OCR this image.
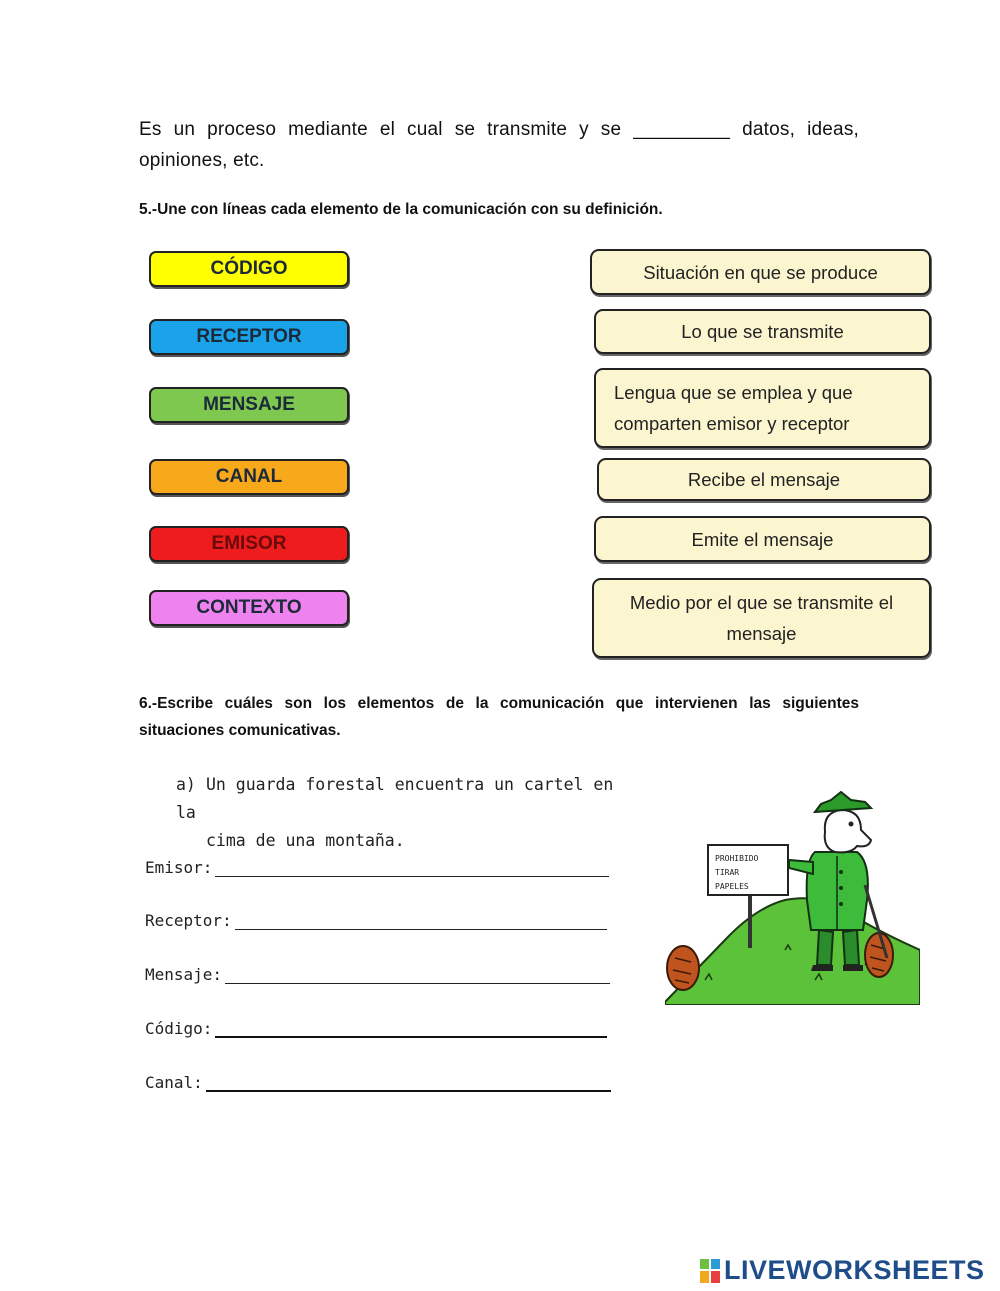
Es un proceso mediante el cual se transmite y se _________ datos, ideas, opiniones, etc.
5.-Une con líneas cada elemento de la comunicación con su definición.
CÓDIGO
RECEPTOR
MENSAJE
CANAL
EMISOR
CONTEXTO
Situación en que se produce
Lo que se transmite
Lengua que se emplea y que comparten emisor y receptor
Recibe el mensaje
Emite el mensaje
Medio por el que se transmite el mensaje
6.-Escribe cuáles son los elementos de la comunicación que intervienen las siguientes situaciones comunicativas.
a) Un guarda forestal encuentra un cartel en la
cima de una montaña.
Emisor:
Receptor:
Mensaje:
Código:
Canal:
PROHIBIDO
TIRAR
PAPELES
LIVEWORKSHEETS
